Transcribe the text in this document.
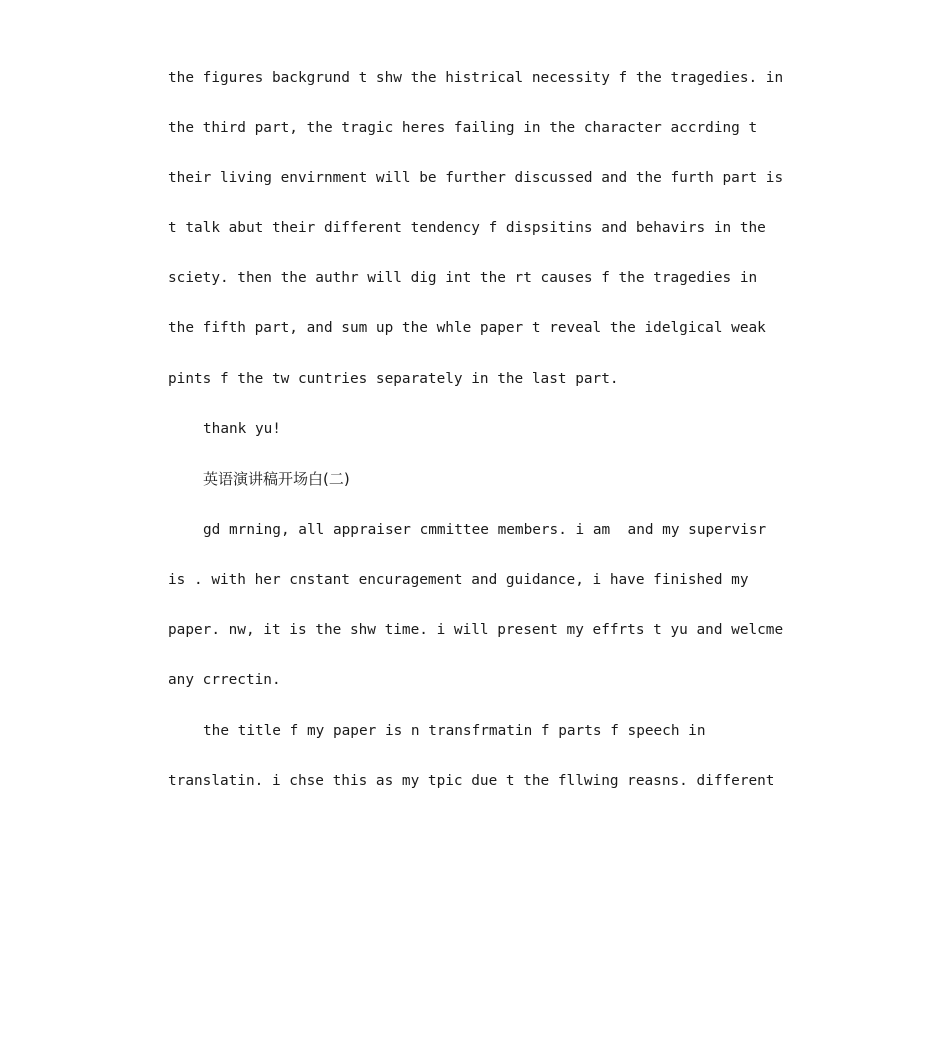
the figures backgrund t shw the histrical necessity f the tragedies. in
the third part, the tragic heres failing in the character accrding t
their living envirnment will be further discussed and the furth part is
t talk abut their different tendency f dispsitins and behavirs in the
sciety. then the authr will dig int the rt causes f the tragedies in
the fifth part, and sum up the whle paper t reveal the idelgical weak
pints f the tw cuntries separately in the last part.
thank yu!
英语演讲稿开场白(二)
gd mrning, all appraiser cmmittee members. i am  and my supervisr
is . with her cnstant encuragement and guidance, i have finished my
paper. nw, it is the shw time. i will present my effrts t yu and welcme
any crrectin.
the title f my paper is n transfrmatin f parts f speech in
translatin. i chse this as my tpic due t the fllwing reasns. different
